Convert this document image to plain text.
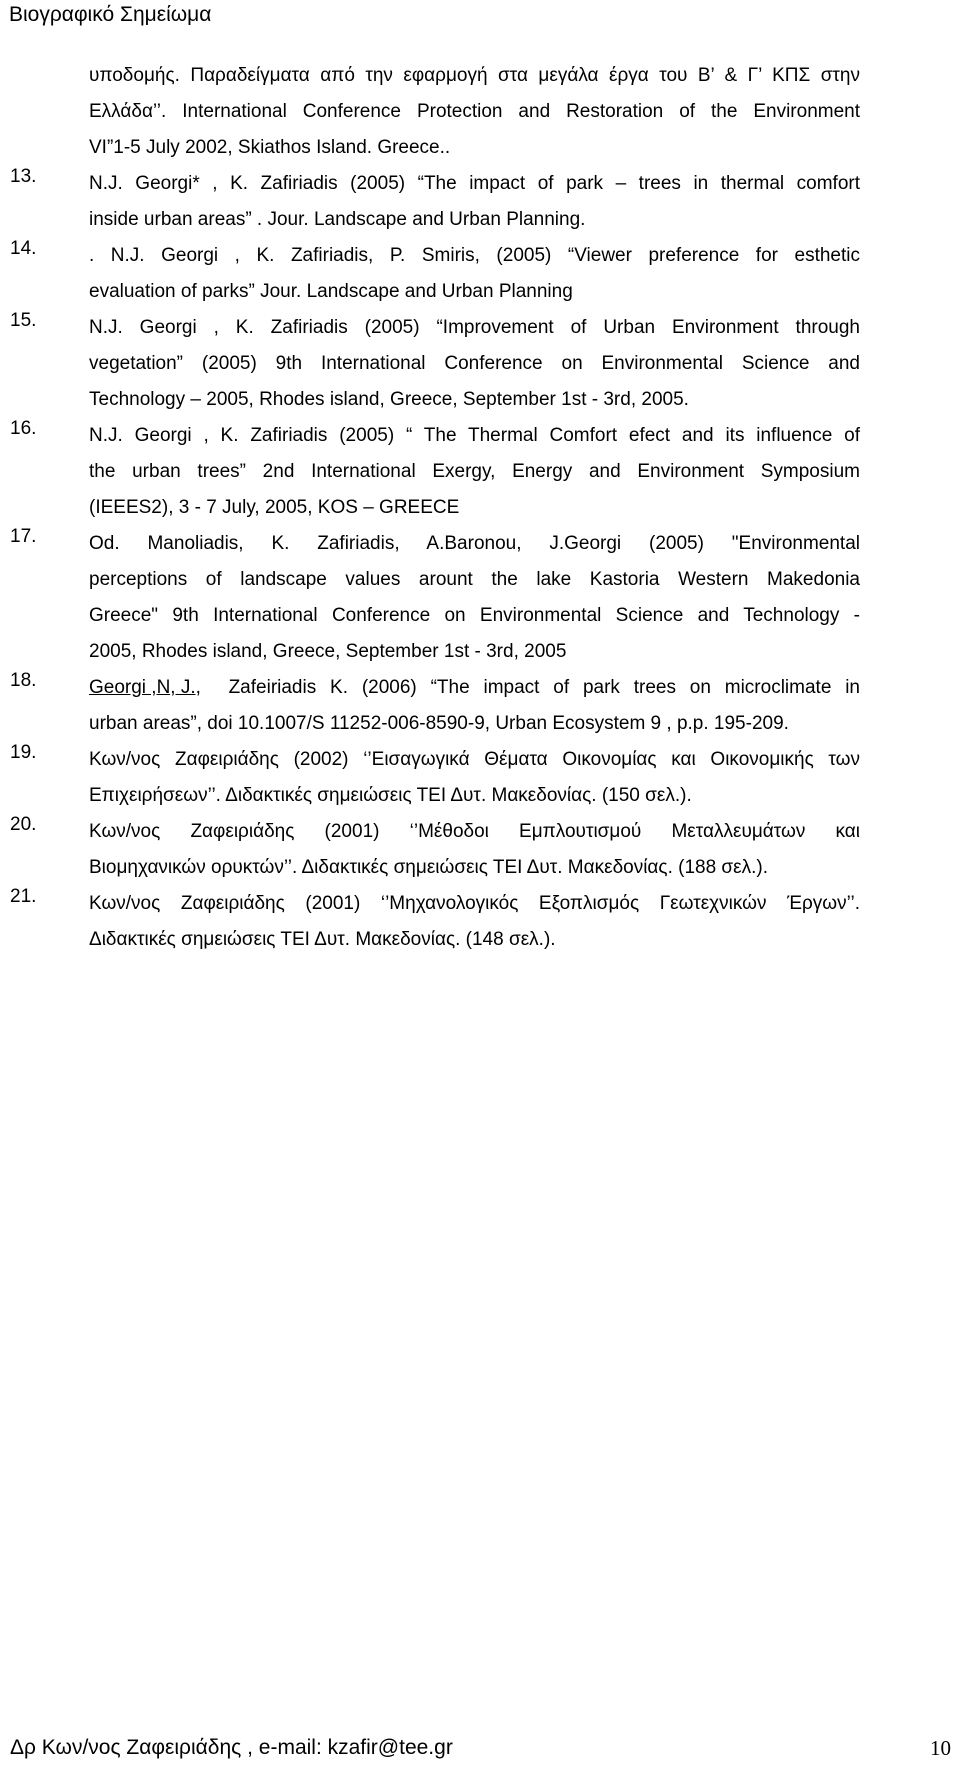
Βιογραφικό Σημείωμα
υποδομής. Παραδείγματα από την εφαρμογή στα μεγάλα έργα του Β’ & Γ’ ΚΠΣ στην
Ελλάδα’’. International Conference Protection and Restoration of the Environment
VI”1-5 July 2002, Skiathos Island. Greece..
13.	N.J. Georgi* , K. Zafiriadis (2005) “The impact of park – trees in thermal comfort
inside urban areas” . Jour. Landscape and Urban Planning.
14.	. N.J. Georgi , K. Zafiriadis, P. Smiris, (2005) “Viewer preference for esthetic
evaluation of parks” Jour. Landscape and Urban Planning
15.	N.J. Georgi , K. Zafiriadis (2005) “Improvement of Urban Environment through
vegetation” (2005) 9th International Conference on Environmental Science and
Technology – 2005, Rhodes island, Greece, September 1st - 3rd, 2005.
16.	N.J. Georgi , K. Zafiriadis (2005) “ The Thermal Comfort efect and its influence of
the urban trees” 2nd International Exergy, Energy and Environment Symposium
(IEEES2), 3 - 7 July, 2005, KOS – GREECE
17.	Od. Manoliadis, K. Zafiriadis, A.Baronou, J.Georgi (2005) "Environmental
perceptions of landscape values arount the lake Kastoria Western Makedonia
Greece" 9th International Conference on Environmental Science and Technology -
2005, Rhodes island, Greece, September 1st - 3rd, 2005
18.	Georgi ,N, J., Zafeiriadis K. (2006) “The impact of park trees on microclimate in
urban areas”, doi 10.1007/S 11252-006-8590-9, Urban Ecosystem 9 , p.p. 195-209.
19.	Κων/νος Ζαφειριάδης (2002) ‘’Εισαγωγικά Θέματα Οικονομίας και Οικονομικής των
Επιχειρήσεων’’. Διδακτικές σημειώσεις ΤΕΙ Δυτ. Μακεδονίας. (150 σελ.).
20.	Κων/νος Ζαφειριάδης (2001) ‘’Μέθοδοι Εμπλουτισμού Μεταλλευμάτων και
Βιομηχανικών ορυκτών’’. Διδακτικές σημειώσεις ΤΕΙ Δυτ. Μακεδονίας. (188 σελ.).
21.	Κων/νος Ζαφειριάδης (2001) ‘’Μηχανολογικός Εξοπλισμός Γεωτεχνικών Έργων’’.
Διδακτικές σημειώσεις ΤΕΙ Δυτ. Μακεδονίας. (148 σελ.).
Δρ Κων/νος Ζαφειριάδης , e-mail: kzafir@tee.gr	10
